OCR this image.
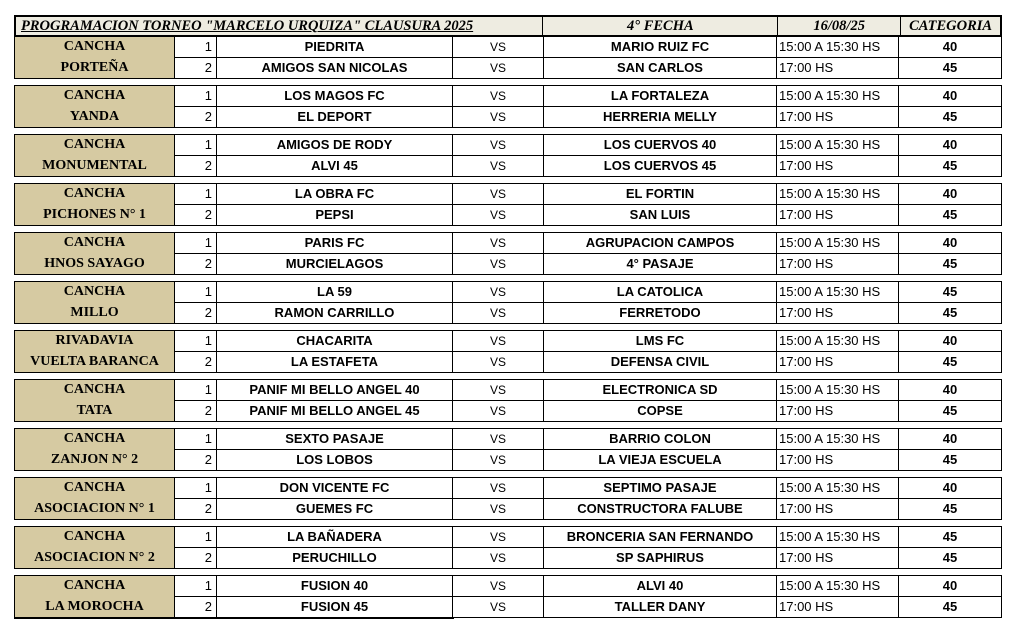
PROGRAMACION TORNEO "MARCELO URQUIZA" CLAUSURA 2025	4° FECHA	16/08/25	CATEGORIA
CANCHA
PORTEÑA
1	PIEDRITA	VS	MARIO RUIZ FC	15:00 A 15:30 HS	40
2	AMIGOS SAN NICOLAS	VS	SAN CARLOS	17:00 HS	45
CANCHA
YANDA
1	LOS MAGOS FC	VS	LA FORTALEZA	15:00 A 15:30 HS	40
2	EL DEPORT	VS	HERRERIA MELLY	17:00 HS	45
CANCHA
MONUMENTAL
1	AMIGOS DE RODY	VS	LOS CUERVOS 40	15:00 A 15:30 HS	40
2	ALVI 45	VS	LOS CUERVOS 45	17:00 HS	45
CANCHA
PICHONES N° 1
1	LA OBRA FC	VS	EL FORTIN	15:00 A 15:30 HS	40
2	PEPSI	VS	SAN LUIS	17:00 HS	45
CANCHA
HNOS SAYAGO
1	PARIS FC	VS	AGRUPACION CAMPOS	15:00 A 15:30 HS	40
2	MURCIELAGOS	VS	4° PASAJE	17:00 HS	45
CANCHA
MILLO
1	LA 59	VS	LA CATOLICA	15:00 A 15:30 HS	45
2	RAMON CARRILLO	VS	FERRETODO	17:00 HS	45
RIVADAVIA
VUELTA BARANCA
1	CHACARITA	VS	LMS FC	15:00 A 15:30 HS	40
2	LA ESTAFETA	VS	DEFENSA CIVIL	17:00 HS	45
CANCHA
TATA
1	PANIF MI BELLO ANGEL 40	VS	ELECTRONICA SD	15:00 A 15:30 HS	40
2	PANIF MI BELLO ANGEL 45	VS	COPSE	17:00 HS	45
CANCHA
ZANJON N° 2
1	SEXTO PASAJE	VS	BARRIO COLON	15:00 A 15:30 HS	40
2	LOS LOBOS	VS	LA VIEJA ESCUELA	17:00 HS	45
CANCHA
ASOCIACION N° 1
1	DON VICENTE FC	VS	SEPTIMO PASAJE	15:00 A 15:30 HS	40
2	GUEMES FC	VS	CONSTRUCTORA FALUBE	17:00 HS	45
CANCHA
ASOCIACION N° 2
1	LA BAÑADERA	VS	BRONCERIA SAN FERNANDO	15:00 A 15:30 HS	45
2	PERUCHILLO	VS	SP SAPHIRUS	17:00 HS	45
CANCHA
LA MOROCHA
1	FUSION 40	VS	ALVI 40	15:00 A 15:30 HS	40
2	FUSION 45	VS	TALLER DANY	17:00 HS	45
